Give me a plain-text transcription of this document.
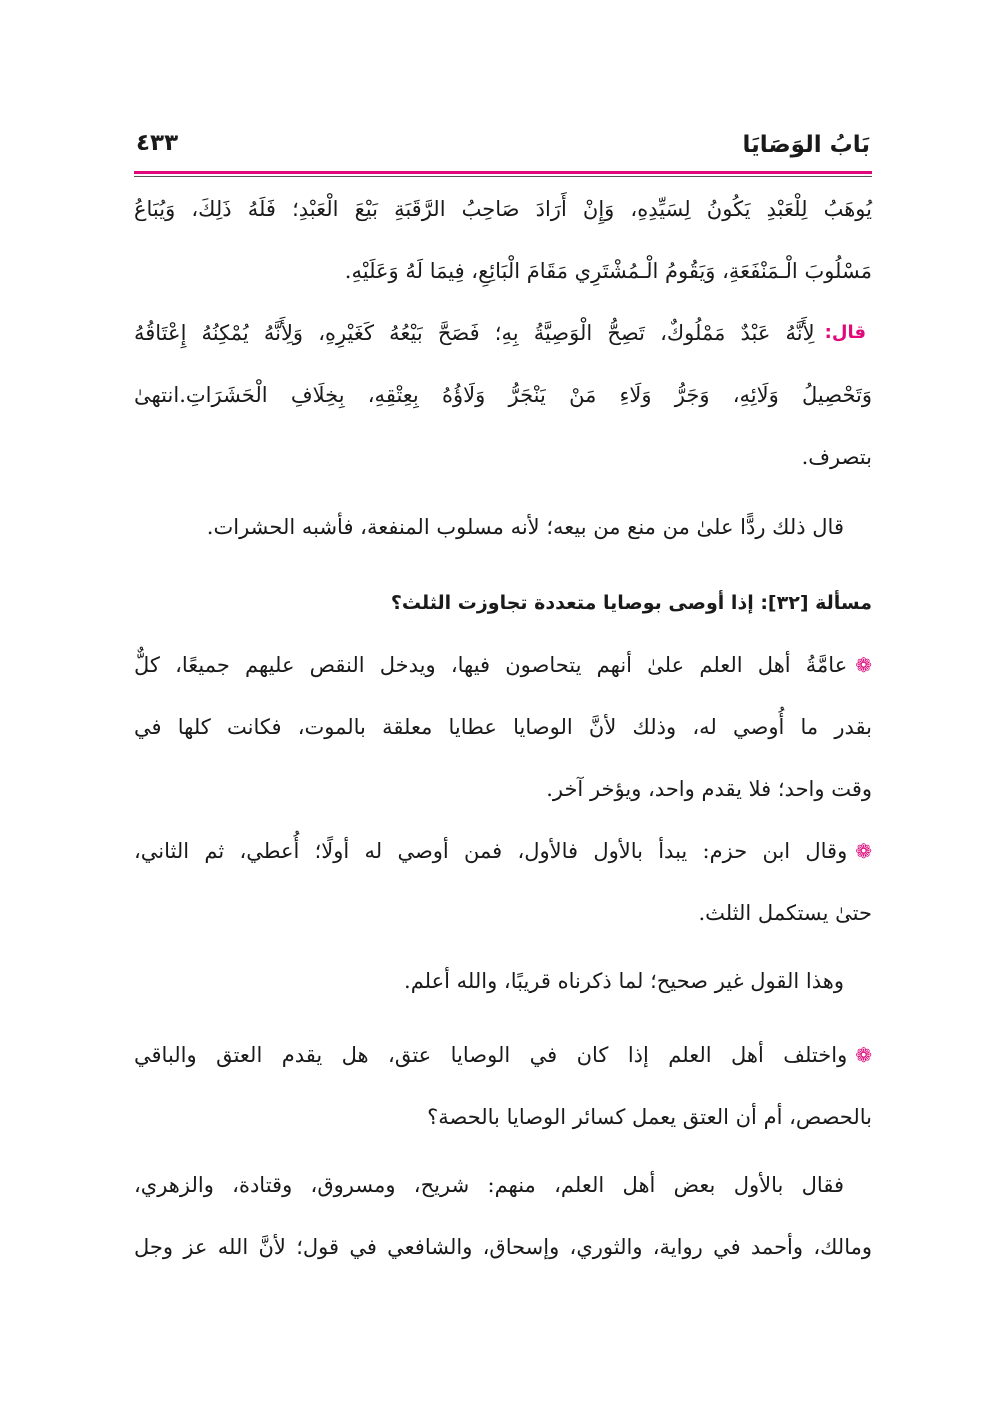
بَابُ الوَصَايَا
٤٣٣
يُوهَبُ لِلْعَبْدِ يَكُونُ لِسَيِّدِهِ، وَإِنْ أَرَادَ صَاحِبُ الرَّقَبَةِ بَيْعَ الْعَبْدِ؛ فَلَهُ ذَلِكَ، وَيُبَاعُ
مَسْلُوبَ الْـمَنْفَعَةِ، وَيَقُومُ الْـمُشْتَرِي مَقَامَ الْبَائِعِ، فِيمَا لَهُ وَعَلَيْهِ.
قال:
لِأَنَّهُ عَبْدٌ مَمْلُوكٌ، تَصِحُّ الْوَصِيَّةُ بِهِ؛ فَصَحَّ بَيْعُهُ كَغَيْرِهِ، وَلِأَنَّهُ يُمْكِنُهُ إِعْتَاقُهُ
وَتَحْصِيلُ وَلَائِهِ، وَجَرُّ وَلَاءِ مَنْ يَنْجَرُّ وَلَاؤُهُ بِعِتْقِهِ، بِخِلَافِ الْحَشَرَاتِ.انتهىٰ
بتصرف.
قال ذلك ردًّا علىٰ من منع من بيعه؛ لأنه مسلوب المنفعة، فأشبه الحشرات.
مسألة [٣٢]: إذا أوصى بوصايا متعددة تجاوزت الثلث؟
❁
عامَّةُ أهل العلم علىٰ أنهم يتحاصون فيها، ويدخل النقص عليهم جميعًا، كلٌّ
بقدر ما أُوصي له، وذلك لأنَّ الوصايا عطايا معلقة بالموت، فكانت كلها في
وقت واحد؛ فلا يقدم واحد، ويؤخر آخر.
❁
وقال ابن حزم: يبدأ بالأول فالأول، فمن أوصي له أولًا؛ أُعطي، ثم الثاني،
حتىٰ يستكمل الثلث.
وهذا القول غير صحيح؛ لما ذكرناه قريبًا، والله أعلم.
❁
واختلف أهل العلم إذا كان في الوصايا عتق، هل يقدم العتق والباقي
بالحصص، أم أن العتق يعمل كسائر الوصايا بالحصة؟
فقال بالأول بعض أهل العلم، منهم: شريح، ومسروق، وقتادة، والزهري،
ومالك، وأحمد في رواية، والثوري، وإسحاق، والشافعي في قول؛ لأنَّ الله عز وجل
